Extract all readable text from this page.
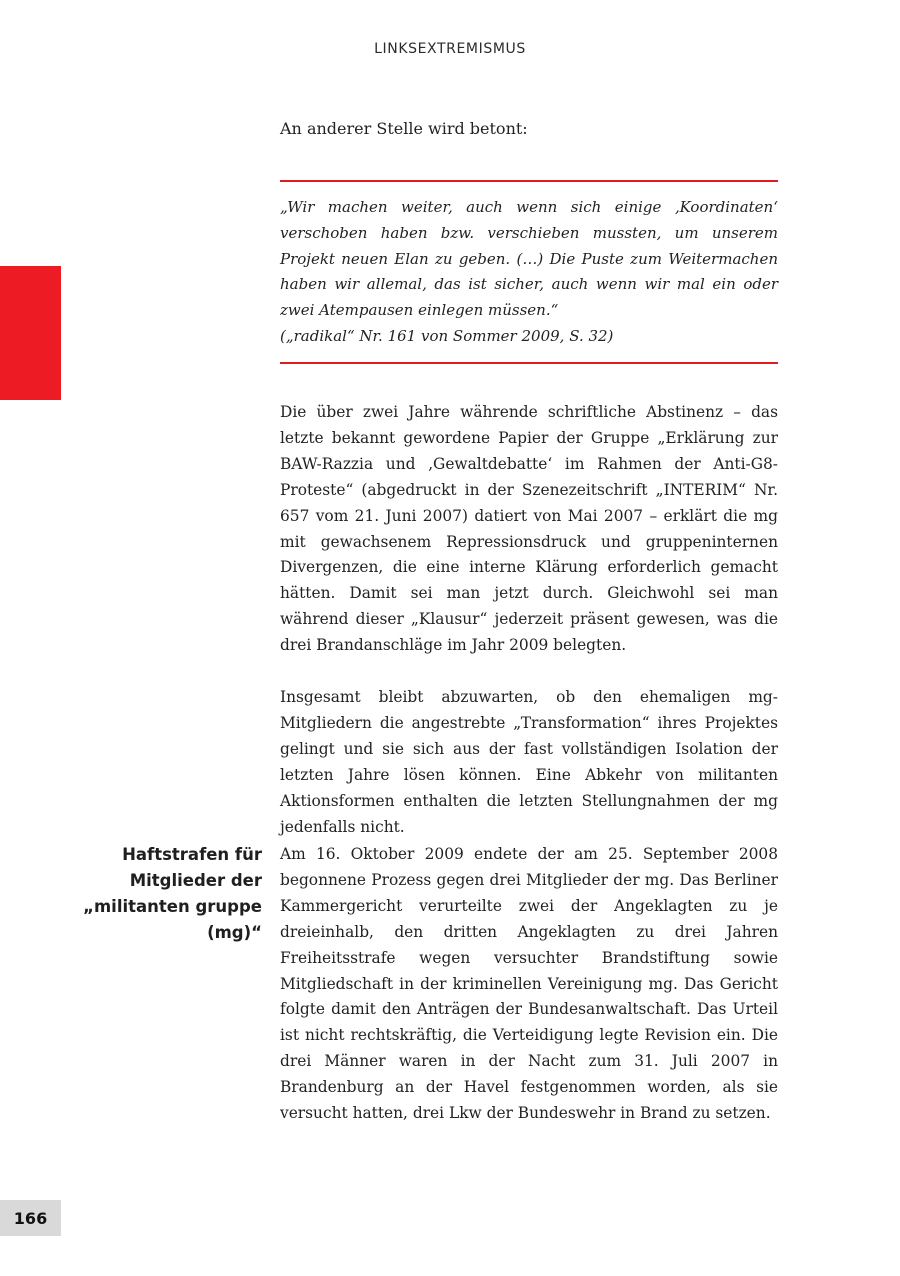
LINKSEXTREMISMUS

An anderer Stelle wird betont:

„Wir machen weiter, auch wenn sich einige ‚Koordinaten‘ verschoben haben bzw. verschieben mussten, um unserem Projekt neuen Elan zu geben. (…) Die Puste zum Weitermachen haben wir allemal, das ist sicher, auch wenn wir mal ein oder zwei Atempausen einlegen müssen.“

(„radikal“ Nr. 161 von Sommer 2009, S. 32)

Die über zwei Jahre währende schriftliche Abstinenz – das letzte bekannt gewordene Papier der Gruppe „Erklärung zur BAW-Razzia und ‚Gewaltdebatte‘ im Rahmen der Anti-G8-Proteste“ (abgedruckt in der Szenezeitschrift „INTERIM“ Nr. 657 vom 21. Juni 2007) datiert von Mai 2007 – erklärt die mg mit gewachsenem Repressionsdruck und gruppeninternen Divergenzen, die eine interne Klärung erforderlich gemacht hätten. Damit sei man jetzt durch. Gleichwohl sei man während dieser „Klausur“ jederzeit präsent gewesen, was die drei Brandanschläge im Jahr 2009 belegten.

Insgesamt bleibt abzuwarten, ob den ehemaligen mg-Mitgliedern die angestrebte „Transformation“ ihres Projektes gelingt und sie sich aus der fast vollständigen Isolation der letzten Jahre lösen können. Eine Abkehr von militanten Aktionsformen enthalten die letzten Stellungnahmen der mg jedenfalls nicht.

Haftstrafen für Mitglieder der „militanten gruppe (mg)“

Am 16. Oktober 2009 endete der am 25. September 2008 begonnene Prozess gegen drei Mitglieder der mg. Das Berliner Kammergericht verurteilte zwei der Angeklagten zu je dreieinhalb, den dritten Angeklagten zu drei Jahren Freiheitsstrafe wegen versuchter Brandstiftung sowie Mitgliedschaft in der kriminellen Vereinigung mg. Das Gericht folgte damit den Anträgen der Bundesanwaltschaft. Das Urteil ist nicht rechtskräftig, die Verteidigung legte Revision ein. Die drei Männer waren in der Nacht zum 31. Juli 2007 in Brandenburg an der Havel festgenommen worden, als sie versucht hatten, drei Lkw der Bundeswehr in Brand zu setzen.

166
